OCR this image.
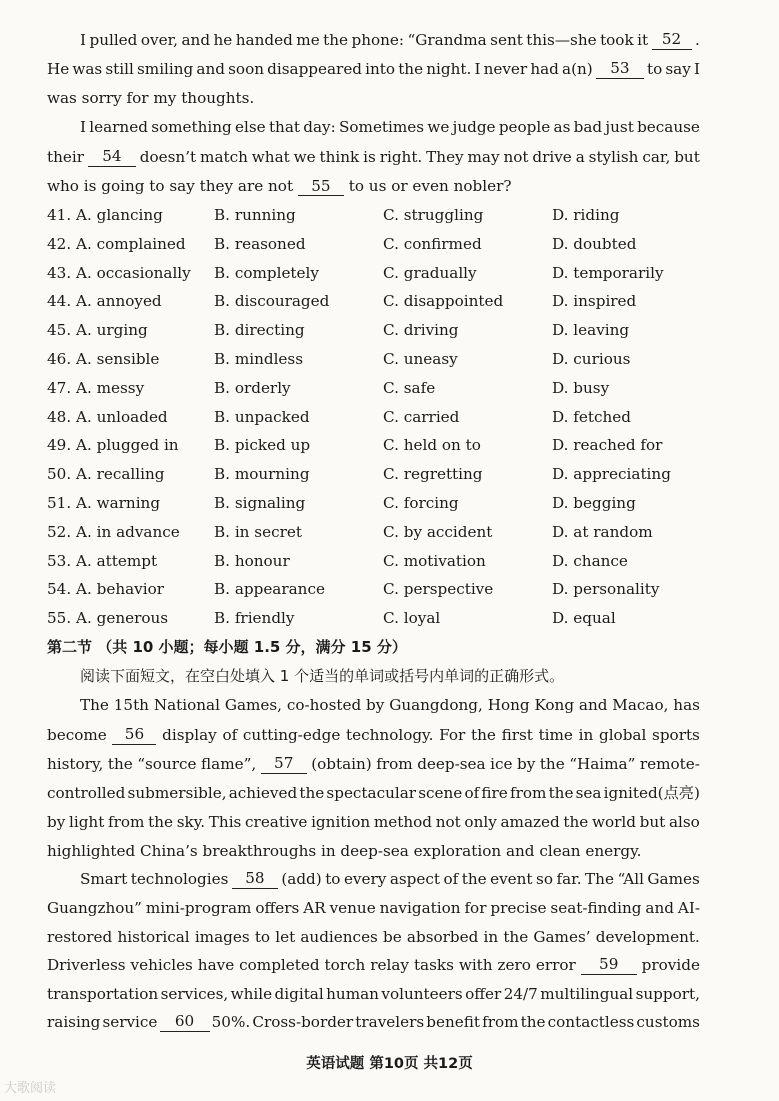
I pulled over, and he handed me the phone: “Grandma sent this—she took it 52 .
He was still smiling and soon disappeared into the night. I never had a(n)	53	to say I
was sorry for my thoughts.
I learned something else that day: Sometimes we judge people as bad just because
their	54	doesn’t match what we think is right. They may not drive a stylish car, but
who is going to say they are not 55 to us or even nobler?
41. A. glancing	B. running	C. struggling	D. riding
42. A. complained B. reasoned	C. confirmed	D. doubted
43. A. occasionally B. completely	C. gradually	D. temporarily
44. A. annoyed	B. discouraged	C. disappointed	D. inspired
45. A. urging	B. directing	C. driving	D. leaving
46. A. sensible	B. mindless	C. uneasy	D. curious
47. A. messy	B. orderly	C. safe	D. busy
48. A. unloaded	B. unpacked	C. carried	D. fetched
49. A. plugged in B. picked up	C. held on to	D. reached for
50. A. recalling	B. mourning	C. regretting	D. appreciating
51. A. warning	B. signaling	C. forcing	D. begging
52. A. in advance B. in secret	C. by accident	D. at random
53. A. attempt	B. honour	C. motivation	D. chance
54. A. behavior	B. appearance	C. perspective	D. personality
55. A. generous	B. friendly	C. loyal	D. equal
第二节 （共 10 小题；每小题 1.5 分，满分 15 分）
阅读下面短文，在空白处填入 1 个适当的单词或括号内单词的正确形式。
The 15th National Games, co-hosted by Guangdong, Hong Kong and Macao, has
become	56	display of cutting-edge technology. For the first time in global sports
history, the “source flame”,	57	(obtain) from deep-sea ice by the “Haima” remote-
controlled submersible, achieved the spectacular scene of fire from the sea ignited(点亮)
by light from the sky. This creative ignition method not only amazed the world but also
highlighted China’s breakthroughs in deep-sea exploration and clean energy.
Smart technologies	58	(add) to every aspect of the event so far. The “All Games
Guangzhou” mini-program offers AR venue navigation for precise seat-finding and AI-
restored historical images to let audiences be absorbed in the Games’ development.
Driverless vehicles have completed torch relay tasks with zero error	59	provide
transportation services, while digital human volunteers offer 24/7 multilingual support,
raising service	60	50%. Cross-border travelers benefit from the contactless customs
英语试题 第10页 共12页
大歌阅读
